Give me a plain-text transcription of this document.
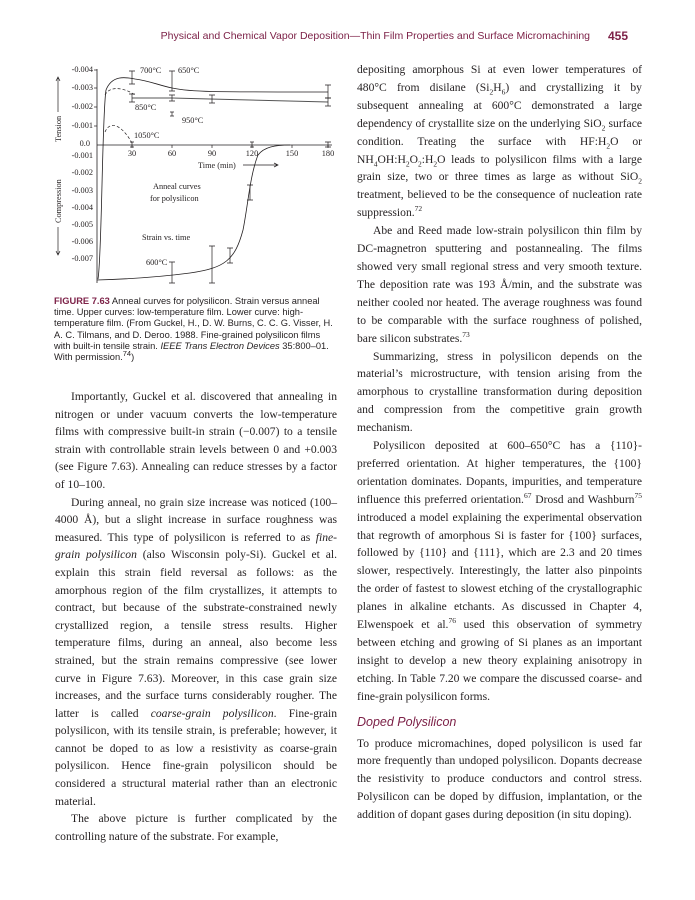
Physical and Chemical Vapor Deposition—Thin Film Properties and Surface Micromachining 455
-0.004
-0.003
-0.002
-0.001
0.0
-0.001
-0.002
-0.003
-0.004
-0.005
-0.006
-0.007
30	60	90	120	150	180
700°C 650°C
850°C
950°C
1050°C
600°C
Time (min)
Anneal curves
for polysilicon
Strain vs. time
Tension
Compression
FIGURE 7.63 Anneal curves for polysilicon. Strain versus anneal time. Upper curves: low-temperature film. Lower curve: high-temperature film. (From Guckel, H., D. W. Burns, C. C. G. Visser, H. A. C. Tilmans, and D. Deroo. 1988. Fine-grained polysilicon films with built-in tensile strain. IEEE Trans Electron Devices 35:800–01. With permission.$^{74}$)

Importantly, Guckel et al. discovered that annealing in nitrogen or under vacuum converts the low-temperature films with compressive built-in strain (−0.007) to a tensile strain with controllable strain levels between 0 and +0.003 (see Figure 7.63). Annealing can reduce stresses by a factor of 10–100.

During anneal, no grain size increase was noticed (100–4000 Å), but a slight increase in surface roughness was measured. This type of polysilicon is referred to as fine-grain polysilicon (also Wisconsin poly-Si). Guckel et al. explain this strain field reversal as follows: as the amorphous region of the film crystallizes, it attempts to contract, but because of the substrate-constrained newly crystallized region, a tensile stress results. Higher temperature films, during an anneal, also become less strained, but the strain remains compressive (see lower curve in Figure 7.63). Moreover, in this case grain size increases, and the surface turns considerably rougher. The latter is called coarse-grain polysilicon. Fine-grain polysilicon, with its tensile strain, is preferable; however, it cannot be doped to as low a resistivity as coarse-grain polysilicon. Hence fine-grain polysilicon should be considered a structural material rather than an electronic material.

The above picture is further complicated by the controlling nature of the substrate. For example,

depositing amorphous Si at even lower temperatures of 480°C from disilane $(Si_2H_6)$ and crystallizing it by subsequent annealing at 600°C demonstrated a large dependency of crystallite size on the underlying SiO$_2$ surface condition. Treating the surface with $HF:H_2O$ or $NH_4OH:H_2O_2:H_2O$ leads to polysilicon films with a large grain size, two or three times as large as without SiO$_2$ treatment, believed to be the consequence of nucleation rate suppression.$^{72}$

Abe and Reed made low-strain polysilicon thin film by DC-magnetron sputtering and postannealing. The films showed very small regional stress and very smooth texture. The deposition rate was 193 Å/min, and the substrate was neither cooled nor heated. The average roughness was found to be comparable with the surface roughness of polished, bare silicon substrates.$^{73}$

Summarizing, stress in polysilicon depends on the material’s microstructure, with tension arising from the amorphous to crystalline transformation during deposition and compression from the competitive grain growth mechanism.

Polysilicon deposited at 600–650°C has a {110}-preferred orientation. At higher temperatures, the {100} orientation dominates. Dopants, impurities, and temperature influence this preferred orientation.$^{67}$ Drosd and Washburn$^{75}$ introduced a model explaining the experimental observation that regrowth of amorphous Si is faster for {100} surfaces, followed by {110} and {111}, which are 2.3 and 20 times slower, respectively. Interestingly, the latter also pinpoints the order of fastest to slowest etching of the crystallographic planes in alkaline etchants. As discussed in Chapter 4, Elwenspoek et al.$^{76}$ used this observation of symmetry between etching and growing of Si planes as an important insight to develop a new theory explaining anisotropy in etching. In Table 7.20 we compare the discussed coarse- and fine-grain polysilicon forms.

Doped Polysilicon

To produce micromachines, doped polysilicon is used far more frequently than undoped polysilicon. Dopants decrease the resistivity to produce conductors and control stress. Polysilicon can be doped by diffusion, implantation, or the addition of dopant gases during deposition (in situ doping).
